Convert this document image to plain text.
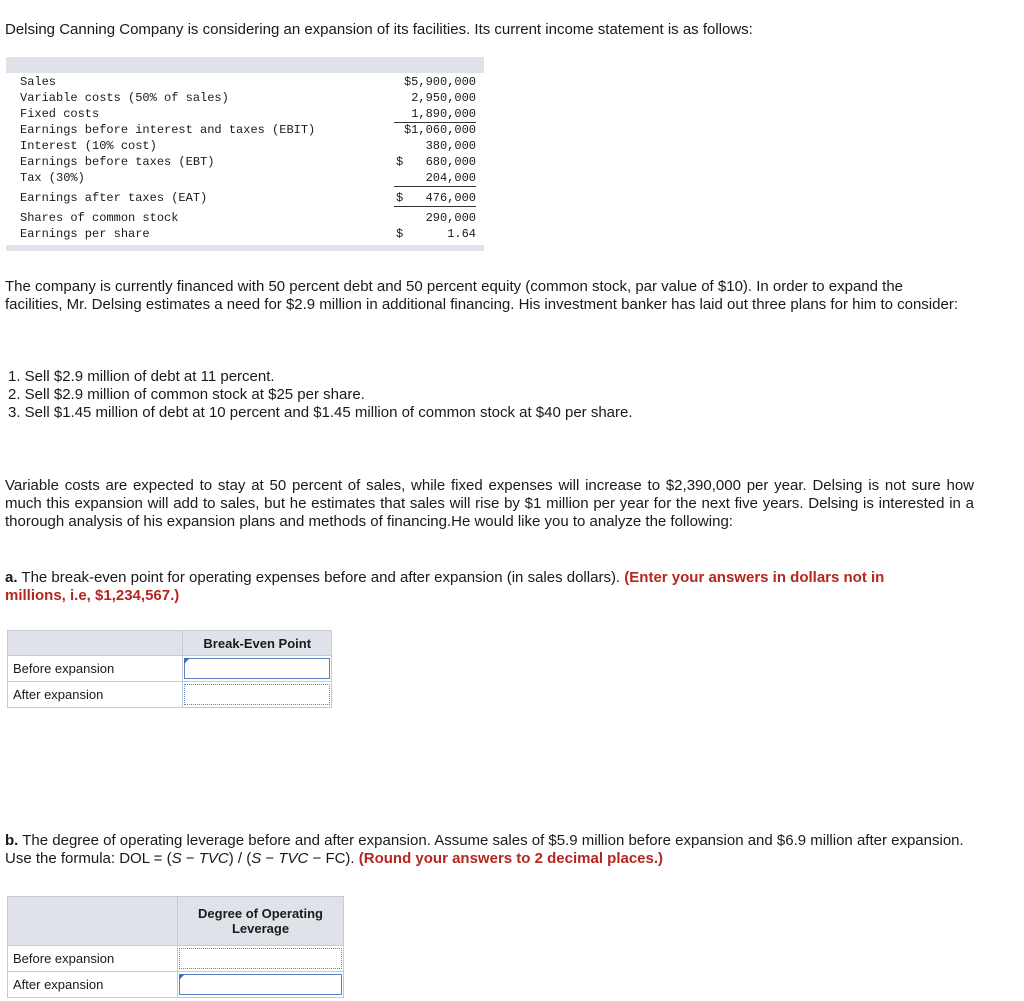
Delsing Canning Company is considering an expansion of its facilities. Its current income statement is as follows:

Sales	$5,900,000
Variable costs (50% of sales)	2,950,000
Fixed costs	1,890,000
Earnings before interest and taxes (EBIT)	$1,060,000
Interest (10% cost)	380,000
Earnings before taxes (EBT)	$ 680,000
Tax (30%)	204,000
Earnings after taxes (EAT)	$	476,000
Shares of common stock	290,000
Earnings per share	$	1.64

The company is currently financed with 50 percent debt and 50 percent equity (common stock, par value of $10). In order to expand the facilities, Mr. Delsing estimates a need for $2.9 million in additional financing. His investment banker has laid out three plans for him to consider:

1. Sell $2.9 million of debt at 11 percent.
2. Sell $2.9 million of common stock at $25 per share.
3. Sell $1.45 million of debt at 10 percent and $1.45 million of common stock at $40 per share.

Variable costs are expected to stay at 50 percent of sales, while fixed expenses will increase to $2,390,000 per year. Delsing is not sure how much this expansion will add to sales, but he estimates that sales will rise by $1 million per year for the next five years. Delsing is interested in a thorough analysis of his expansion plans and methods of financing.He would like you to analyze the following:

a. The break-even point for operating expenses before and after expansion (in sales dollars). (Enter your answers in dollars not in millions, i.e, $1,234,567.)

	Break-Even Point
Before expansion	

After expansion	

b. The degree of operating leverage before and after expansion. Assume sales of $5.9 million before expansion and $6.9 million after expansion. Use the formula: DOL = (S − TVC) / (S − TVC − FC). (Round your answers to 2 decimal places.)

	Degree of Operating Leverage
Before expansion	

After expansion	
